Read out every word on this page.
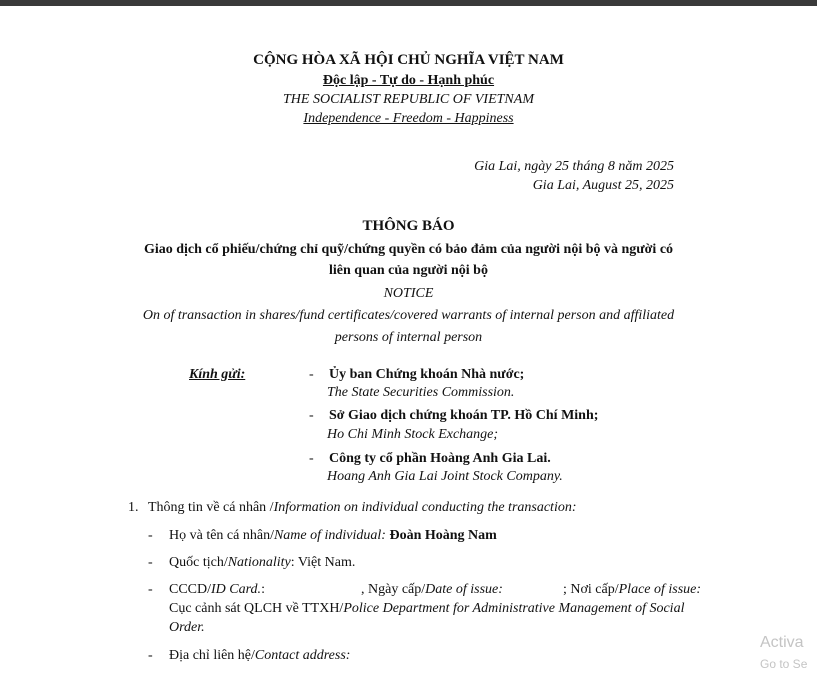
CỘNG HÒA XÃ HỘI CHỦ NGHĨA VIỆT NAM
Độc lập - Tự do - Hạnh phúc
THE SOCIALIST REPUBLIC OF VIETNAM
Independence - Freedom - Happiness
Gia Lai, ngày 25 tháng 8 năm 2025
Gia Lai, August 25, 2025
THÔNG BÁO
Giao dịch cổ phiếu/chứng chỉ quỹ/chứng quyền có bảo đảm của người nội bộ và người có
liên quan của người nội bộ
NOTICE
On of transaction in shares/fund certificates/covered warrants of internal person and affiliated
persons of internal person
Kính gửi:	- Ủy ban Chứng khoán Nhà nước;
The State Securities Commission.
- Sở Giao dịch chứng khoán TP. Hồ Chí Minh;
Ho Chi Minh Stock Exchange;
- Công ty cổ phần Hoàng Anh Gia Lai.
Hoang Anh Gia Lai Joint Stock Company.
1. Thông tin về cá nhân /Information on individual conducting the transaction:
- Họ và tên cá nhân/Name of individual: Đoàn Hoàng Nam
- Quốc tịch/Nationality: Việt Nam.
- CCCD/ID Card.:	, Ngày cấp/Date of issue:	; Nơi cấp/Place of issue:
Cục cảnh sát QLCH về TTXH/Police Department for Administrative Management of Social
Order.
- Địa chỉ liên hệ/Contact address:
Activa
Go to Se
